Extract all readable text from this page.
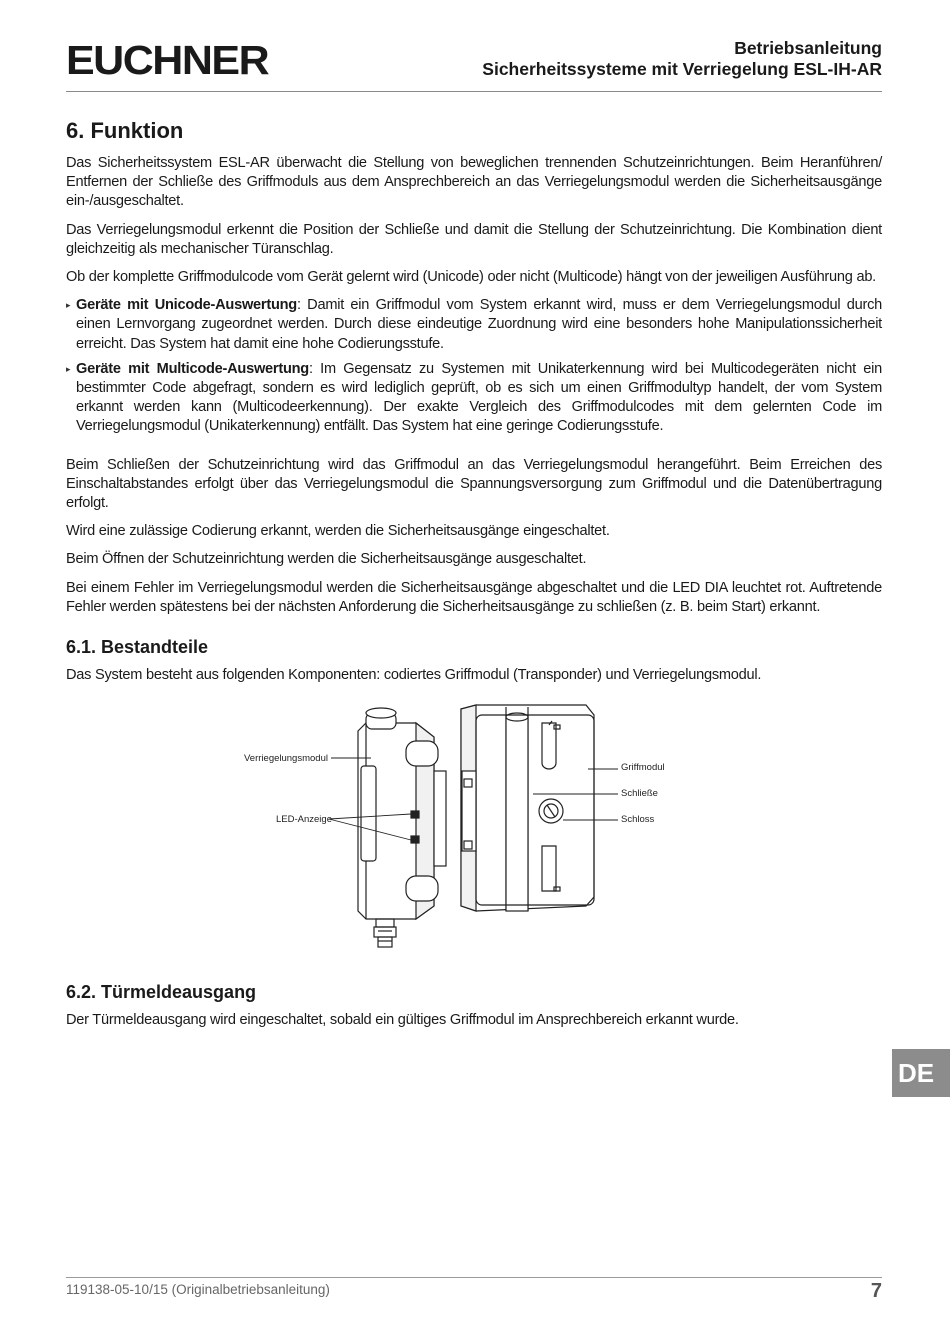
EUCHNER	Betriebsanleitung
Sicherheitssysteme mit Verriegelung ESL-IH-AR
6. Funktion

Das Sicherheitssystem ESL-AR überwacht die Stellung von beweglichen trennenden Schutzeinrichtungen. Beim Heranführen/ Entfernen der Schließe des Griffmoduls aus dem Ansprechbereich an das Verriegelungsmodul werden die Sicherheitsausgänge ein-/ausgeschaltet.

Das Verriegelungsmodul erkennt die Position der Schließe und damit die Stellung der Schutzeinrichtung. Die Kombination dient gleichzeitig als mechanischer Türanschlag.

Ob der komplette Griffmodulcode vom Gerät gelernt wird (Unicode) oder nicht (Multicode) hängt von der jeweiligen Ausführung ab.

▸ Geräte mit Unicode-Auswertung: Damit ein Griffmodul vom System erkannt wird, muss er dem Verriegelungsmodul durch einen Lernvorgang zugeordnet werden. Durch diese eindeutige Zuordnung wird eine besonders hohe Manipulationssicherheit erreicht. Das System hat damit eine hohe Codierungsstufe.
▸ Geräte mit Multicode-Auswertung: Im Gegensatz zu Systemen mit Unikaterkennung wird bei Multicodegeräten nicht ein bestimmter Code abgefragt, sondern es wird lediglich geprüft, ob es sich um einen Griffmodultyp handelt, der vom System erkannt werden kann (Multicodeerkennung). Der exakte Vergleich des Griffmodulcodes mit dem gelernten Code im Verriegelungsmodul (Unikaterkennung) entfällt. Das System hat eine geringe Codierungsstufe.

Beim Schließen der Schutzeinrichtung wird das Griffmodul an das Verriegelungsmodul herangeführt. Beim Erreichen des Einschaltabstandes erfolgt über das Verriegelungsmodul die Spannungsversorgung zum Griffmodul und die Datenübertragung erfolgt.

Wird eine zulässige Codierung erkannt, werden die Sicherheitsausgänge eingeschaltet.

Beim Öffnen der Schutzeinrichtung werden die Sicherheitsausgänge ausgeschaltet.

Bei einem Fehler im Verriegelungsmodul werden die Sicherheitsausgänge abgeschaltet und die LED DIA leuchtet rot. Auftretende Fehler werden spätestens bei der nächsten Anforderung die Sicherheitsausgänge zu schließen (z. B. beim Start) erkannt.

6.1. Bestandteile

Das System besteht aus folgenden Komponenten: codiertes Griffmodul (Transponder) und Verriegelungsmodul.

Verriegelungsmodul
LED-Anzeige
Griffmodul
Schließe
Schloss
6.2. Türmeldeausgang

Der Türmeldeausgang wird eingeschaltet, sobald ein gültiges Griffmodul im Ansprechbereich erkannt wurde.

DE
119138-05-10/15 (Originalbetriebsanleitung)	7
